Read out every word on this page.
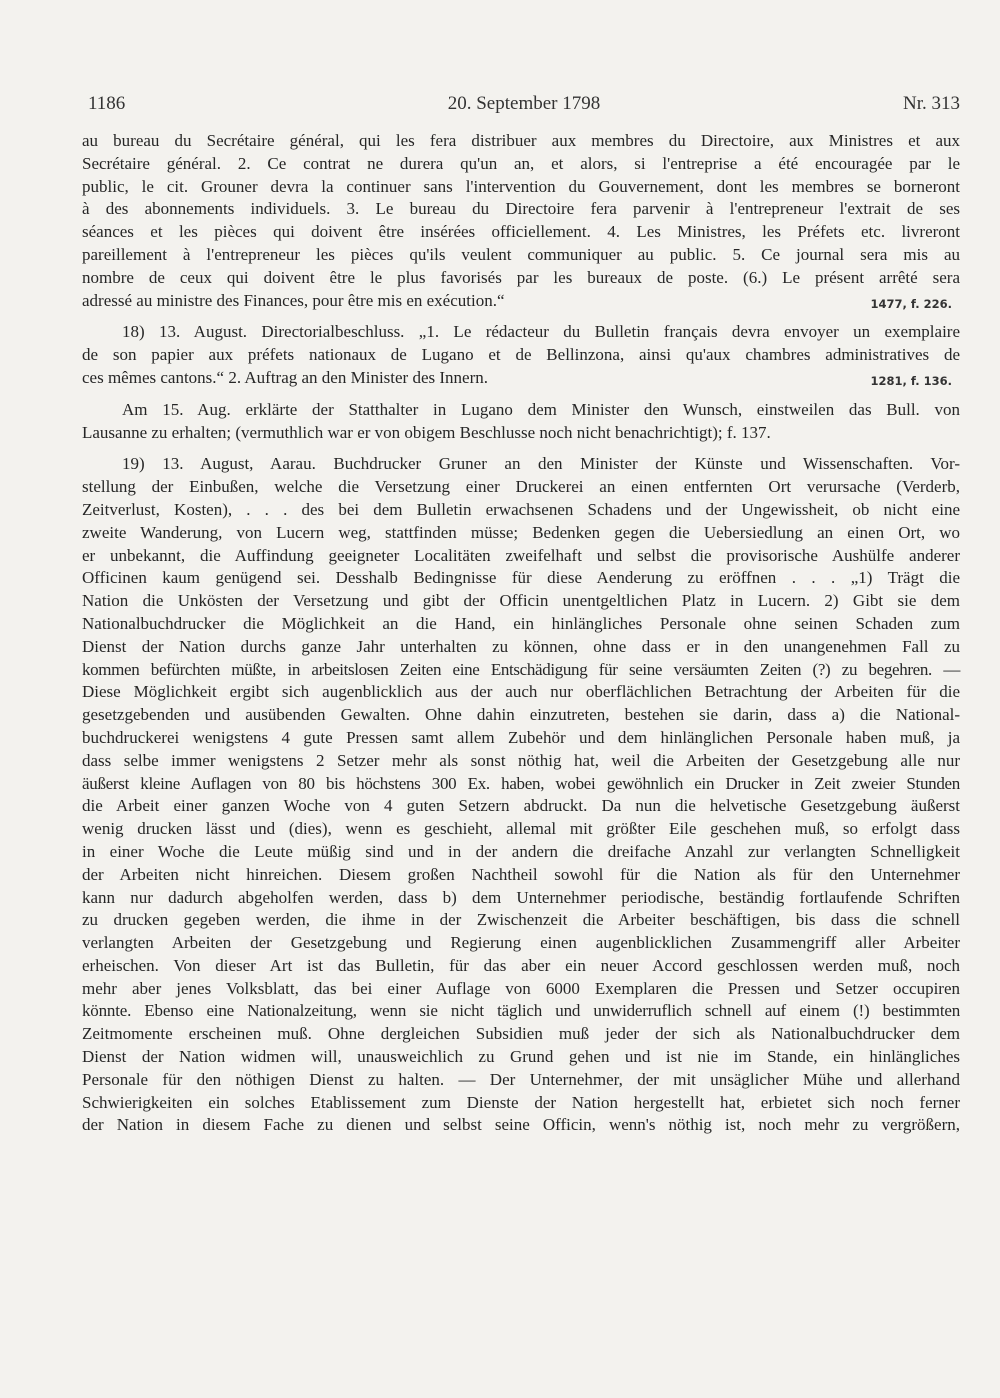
1186	20. September 1798	Nr. 313
au bureau du Secrétaire général, qui les fera distribuer aux membres du Directoire, aux Ministres et aux
Secrétaire général. 2. Ce contrat ne durera qu'un an, et alors, si l'entreprise a été encouragée par le
public, le cit. Grouner devra la continuer sans l'intervention du Gouvernement, dont les membres se borneront
à des abonnements individuels. 3. Le bureau du Directoire fera parvenir à l'entrepreneur l'extrait de ses
séances et les pièces qui doivent être insérées officiellement. 4. Les Ministres, les Préfets etc. livreront
pareillement à l'entrepreneur les pièces qu'ils veulent communiquer au public. 5. Ce journal sera mis au
nombre de ceux qui doivent être le plus favorisés par les bureaux de poste. (6.) Le présent arrêté sera
adressé au ministre des Finances, pour être mis en exécution.“	1477, f. 226.
18) 13. August. Directorialbeschluss. „1. Le rédacteur du Bulletin français devra envoyer un exemplaire
de son papier aux préfets nationaux de Lugano et de Bellinzona, ainsi qu'aux chambres administratives de
ces mêmes cantons.“ 2. Auftrag an den Minister des Innern.	1281, f. 136.
Am 15. Aug. erklärte der Statthalter in Lugano dem Minister den Wunsch, einstweilen das Bull. von
Lausanne zu erhalten; (vermuthlich war er von obigem Beschlusse noch nicht benachrichtigt); f. 137.
19) 13. August, Aarau. Buchdrucker Gruner an den Minister der Künste und Wissenschaften. Vor-
stellung der Einbußen, welche die Versetzung einer Druckerei an einen entfernten Ort verursache (Verderb,
Zeitverlust, Kosten), . . . des bei dem Bulletin erwachsenen Schadens und der Ungewissheit, ob nicht eine
zweite Wanderung, von Lucern weg, stattfinden müsse; Bedenken gegen die Uebersiedlung an einen Ort, wo
er unbekannt, die Auffindung geeigneter Localitäten zweifelhaft und selbst die provisorische Aushülfe anderer
Officinen kaum genügend sei. Desshalb Bedingnisse für diese Aenderung zu eröffnen . . . „1) Trägt die
Nation die Unkösten der Versetzung und gibt der Officin unentgeltlichen Platz in Lucern. 2) Gibt sie dem
Nationalbuchdrucker die Möglichkeit an die Hand, ein hinlängliches Personale ohne seinen Schaden zum
Dienst der Nation durchs ganze Jahr unterhalten zu können, ohne dass er in den unangenehmen Fall zu
kommen befürchten müßte, in arbeitslosen Zeiten eine Entschädigung für seine versäumten Zeiten (?) zu begehren. —
Diese Möglichkeit ergibt sich augenblicklich aus der auch nur oberflächlichen Betrachtung der Arbeiten für die
gesetzgebenden und ausübenden Gewalten. Ohne dahin einzutreten, bestehen sie darin, dass a) die National-
buchdruckerei wenigstens 4 gute Pressen samt allem Zubehör und dem hinlänglichen Personale haben muß, ja
dass selbe immer wenigstens 2 Setzer mehr als sonst nöthig hat, weil die Arbeiten der Gesetzgebung alle nur
äußerst kleine Auflagen von 80 bis höchstens 300 Ex. haben, wobei gewöhnlich ein Drucker in Zeit zweier Stunden
die Arbeit einer ganzen Woche von 4 guten Setzern abdruckt. Da nun die helvetische Gesetzgebung äußerst
wenig drucken lässt und (dies), wenn es geschieht, allemal mit größter Eile geschehen muß, so erfolgt dass
in einer Woche die Leute müßig sind und in der andern die dreifache Anzahl zur verlangten Schnelligkeit
der Arbeiten nicht hinreichen. Diesem großen Nachtheil sowohl für die Nation als für den Unternehmer
kann nur dadurch abgeholfen werden, dass b) dem Unternehmer periodische, beständig fortlaufende Schriften
zu drucken gegeben werden, die ihme in der Zwischenzeit die Arbeiter beschäftigen, bis dass die schnell
verlangten Arbeiten der Gesetzgebung und Regierung einen augenblicklichen Zusammengriff aller Arbeiter
erheischen. Von dieser Art ist das Bulletin, für das aber ein neuer Accord geschlossen werden muß, noch
mehr aber jenes Volksblatt, das bei einer Auflage von 6000 Exemplaren die Pressen und Setzer occupiren
könnte. Ebenso eine Nationalzeitung, wenn sie nicht täglich und unwiderruflich schnell auf einem (!) bestimmten
Zeitmomente erscheinen muß. Ohne dergleichen Subsidien muß jeder der sich als Nationalbuchdrucker dem
Dienst der Nation widmen will, unausweichlich zu Grund gehen und ist nie im Stande, ein hinlängliches
Personale für den nöthigen Dienst zu halten. — Der Unternehmer, der mit unsäglicher Mühe und allerhand
Schwierigkeiten ein solches Etablissement zum Dienste der Nation hergestellt hat, erbietet sich noch ferner
der Nation in diesem Fache zu dienen und selbst seine Officin, wenn's nöthig ist, noch mehr zu vergrößern,
